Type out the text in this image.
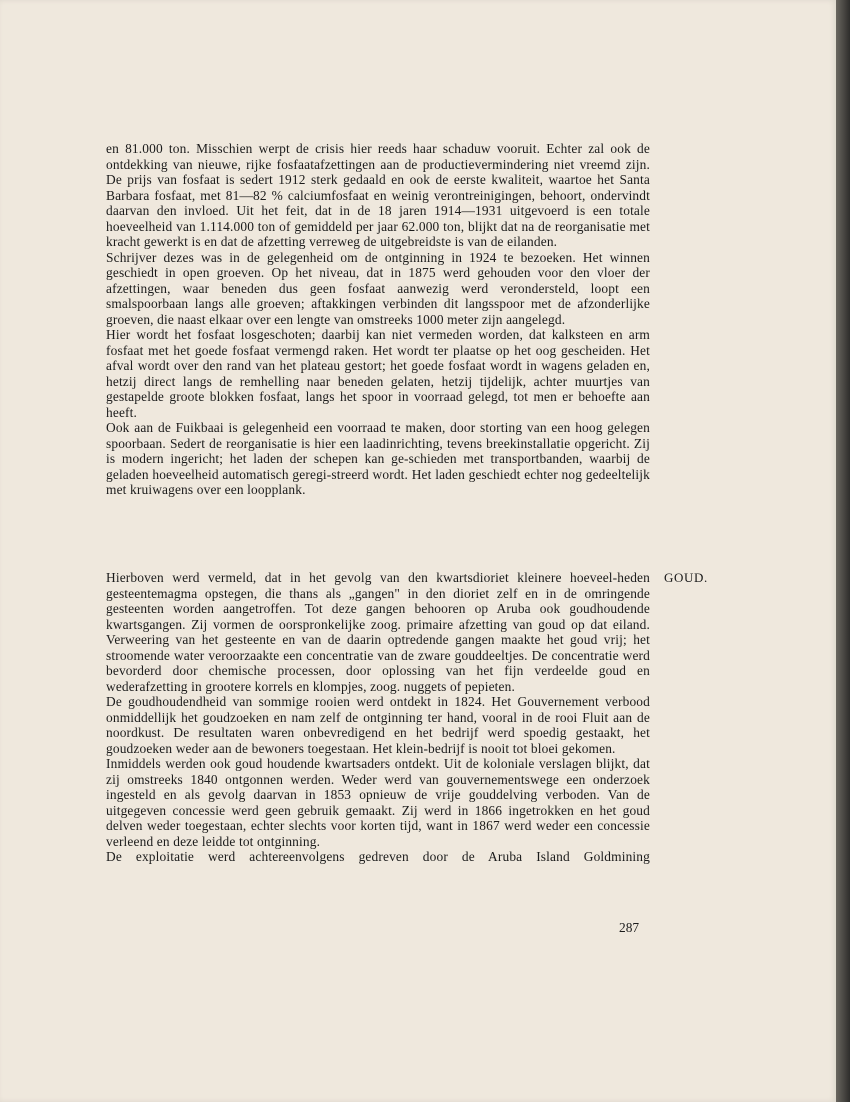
en 81.000 ton. Misschien werpt de crisis hier reeds haar schaduw vooruit. Echter zal ook de ontdekking van nieuwe, rijke fosfaatafzettingen aan de productievermindering niet vreemd zijn. De prijs van fosfaat is sedert 1912 sterk gedaald en ook de eerste kwaliteit, waartoe het Santa Barbara fosfaat, met 81—82 % calciumfosfaat en weinig verontreinigingen, behoort, ondervindt daarvan den invloed. Uit het feit, dat in de 18 jaren 1914—1931 uitgevoerd is een totale hoeveelheid van 1.114.000 ton of gemiddeld per jaar 62.000 ton, blijkt dat na de reorganisatie met kracht gewerkt is en dat de afzetting verreweg de uitgebreidste is van de eilanden.

Schrijver dezes was in de gelegenheid om de ontginning in 1924 te bezoeken. Het winnen geschiedt in open groeven. Op het niveau, dat in 1875 werd gehouden voor den vloer der afzettingen, waar beneden dus geen fosfaat aanwezig werd verondersteld, loopt een smalspoorbaan langs alle groeven; aftakkingen verbinden dit langsspoor met de afzonderlijke groeven, die naast elkaar over een lengte van omstreeks 1000 meter zijn aangelegd.

Hier wordt het fosfaat losgeschoten; daarbij kan niet vermeden worden, dat kalksteen en arm fosfaat met het goede fosfaat vermengd raken. Het wordt ter plaatse op het oog gescheiden. Het afval wordt over den rand van het plateau gestort; het goede fosfaat wordt in wagens geladen en, hetzij direct langs de remhelling naar beneden gelaten, hetzij tijdelijk, achter muurtjes van gestapelde groote blokken fosfaat, langs het spoor in voorraad gelegd, tot men er behoefte aan heeft.

Ook aan de Fuikbaai is gelegenheid een voorraad te maken, door storting van een hoog gelegen spoorbaan. Sedert de reorganisatie is hier een laadinrichting, tevens breekinstallatie opgericht. Zij is modern ingericht; het laden der schepen kan ge-schieden met transportbanden, waarbij de geladen hoeveelheid automatisch geregi-streerd wordt. Het laden geschiedt echter nog gedeeltelijk met kruiwagens over een loopplank.

GOUD.

Hierboven werd vermeld, dat in het gevolg van den kwartsdioriet kleinere hoeveel-heden gesteentemagma opstegen, die thans als „gangen" in den dioriet zelf en in de omringende gesteenten worden aangetroffen. Tot deze gangen behooren op Aruba ook goudhoudende kwartsgangen. Zij vormen de oorspronkelijke zoog. primaire afzetting van goud op dat eiland. Verweering van het gesteente en van de daarin optredende gangen maakte het goud vrij; het stroomende water veroorzaakte een concentratie van de zware gouddeeltjes. De concentratie werd bevorderd door chemische processen, door oplossing van het fijn verdeelde goud en wederafzetting in grootere korrels en klompjes, zoog. nuggets of pepieten.

De goudhoudendheid van sommige rooien werd ontdekt in 1824. Het Gouvernement verbood onmiddellijk het goudzoeken en nam zelf de ontginning ter hand, vooral in de rooi Fluit aan de noordkust. De resultaten waren onbevredigend en het bedrijf werd spoedig gestaakt, het goudzoeken weder aan de bewoners toegestaan. Het klein-bedrijf is nooit tot bloei gekomen.

Inmiddels werden ook goud houdende kwartsaders ontdekt. Uit de koloniale verslagen blijkt, dat zij omstreeks 1840 ontgonnen werden. Weder werd van gouvernementswege een onderzoek ingesteld en als gevolg daarvan in 1853 opnieuw de vrije gouddelving verboden. Van de uitgegeven concessie werd geen gebruik gemaakt. Zij werd in 1866 ingetrokken en het goud delven weder toegestaan, echter slechts voor korten tijd, want in 1867 werd weder een concessie verleend en deze leidde tot ontginning.

De exploitatie werd achtereenvolgens gedreven door de Aruba Island Goldmining

287
